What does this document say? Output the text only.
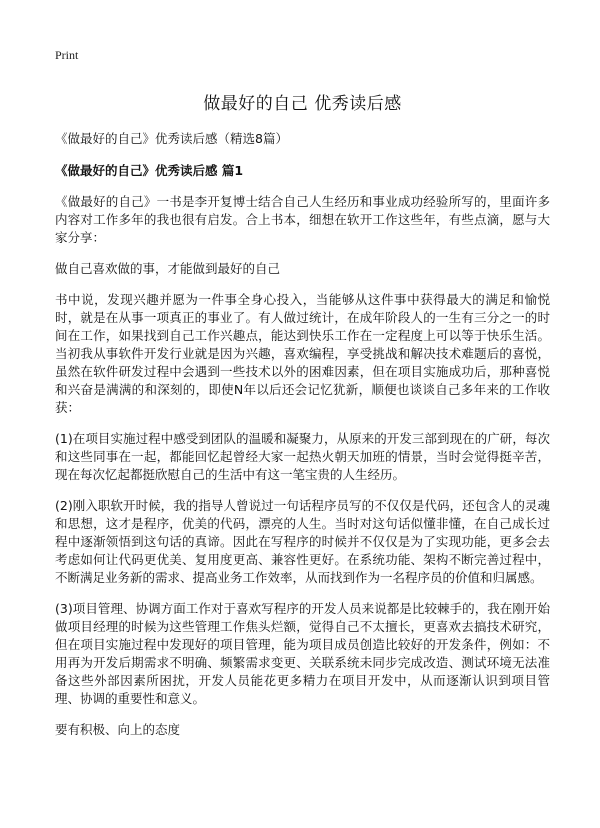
Print
做最好的自己 优秀读后感
《做最好的自己》优秀读后感（精选8篇）
《做最好的自己》优秀读后感 篇1

《做最好的自己》一书是李开复博士结合自己人生经历和事业成功经验所写的，里面许多内容对工作多年的我也很有启发。合上书本，细想在软开工作这些年，有些点滴，愿与大家分享：

做自己喜欢做的事，才能做到最好的自己

书中说，发现兴趣并愿为一件事全身心投入，当能够从这件事中获得最大的满足和愉悦时，就是在从事一项真正的事业了。有人做过统计，在成年阶段人的一生有三分之一的时间在工作，如果找到自己工作兴趣点，能达到快乐工作在一定程度上可以等于快乐生活。当初我从事软件开发行业就是因为兴趣，喜欢编程，享受挑战和解决技术难题后的喜悦，虽然在软件研发过程中会遇到一些技术以外的困难因素，但在项目实施成功后，那种喜悦和兴奋是满满的和深刻的，即使N年以后还会记忆犹新，顺便也谈谈自己多年来的工作收获：

(1)在项目实施过程中感受到团队的温暖和凝聚力，从原来的开发三部到现在的广研，每次和这些同事在一起，都能回忆起曾经大家一起热火朝天加班的情景，当时会觉得挺辛苦，现在每次忆起都挺欣慰自己的生活中有这一笔宝贵的人生经历。

(2)刚入职软开时候，我的指导人曾说过一句话程序员写的不仅仅是代码，还包含人的灵魂和思想，这才是程序，优美的代码，漂亮的人生。当时对这句话似懂非懂，在自己成长过程中逐渐领悟到这句话的真谛。因此在写程序的时候并不仅仅是为了实现功能，更多会去考虑如何让代码更优美、复用度更高、兼容性更好。在系统功能、架构不断完善过程中，不断满足业务新的需求、提高业务工作效率，从而找到作为一名程序员的价值和归属感。

(3)项目管理、协调方面工作对于喜欢写程序的开发人员来说都是比较棘手的，我在刚开始做项目经理的时候为这些管理工作焦头烂额，觉得自己不太擅长，更喜欢去搞技术研究，但在项目实施过程中发现好的项目管理，能为项目成员创造比较好的开发条件，例如：不用再为开发后期需求不明确、频繁需求变更、关联系统未同步完成改造、测试环境无法准备这些外部因素所困扰，开发人员能花更多精力在项目开发中，从而逐渐认识到项目管理、协调的重要性和意义。

要有积极、向上的态度
